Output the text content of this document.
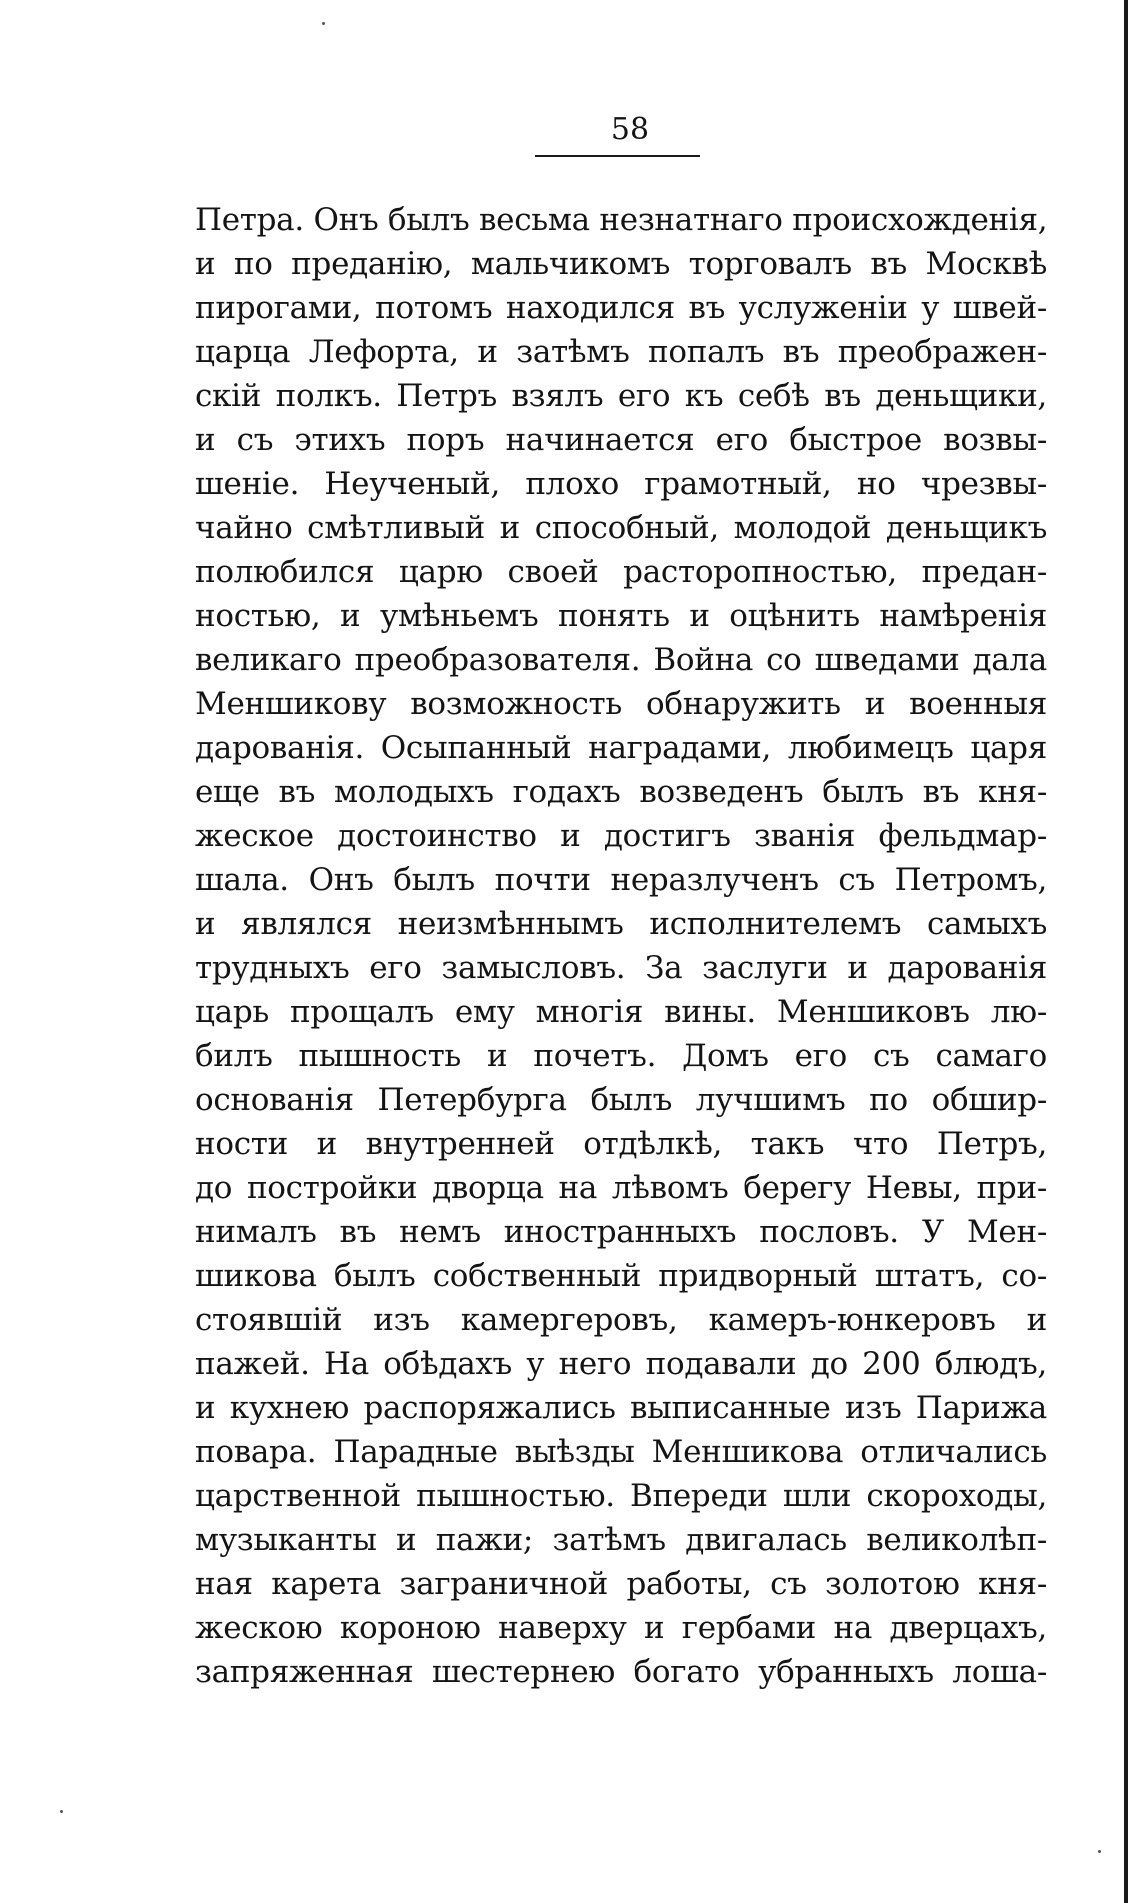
58
Петра. Онъ былъ весьма незнатнаго происхожденія,
и по преданію, мальчикомъ торговалъ въ Москвѣ
пирогами, потомъ находился въ услуженіи у швей-
царца Лефорта, и затѣмъ попалъ въ преображен-
скій полкъ. Петръ взялъ его къ себѣ въ деньщики,
и съ этихъ поръ начинается его быстрое возвы-
шеніе. Неученый, плохо грамотный, но чрезвы-
чайно смѣтливый и способный, молодой деньщикъ
полюбился царю своей расторопностью, предан-
ностью, и умѣньемъ понять и оцѣнить намѣренія
великаго преобразователя. Война со шведами дала
Меншикову возможность обнаружить и военныя
дарованія. Осыпанный наградами, любимецъ царя
еще въ молодыхъ годахъ возведенъ былъ въ кня-
жеское достоинство и достигъ званія фельдмар-
шала. Онъ былъ почти неразлученъ съ Петромъ,
и являлся неизмѣннымъ исполнителемъ самыхъ
трудныхъ его замысловъ. За заслуги и дарованія
царь прощалъ ему многія вины. Меншиковъ лю-
билъ пышность и почетъ. Домъ его съ самаго
основанія Петербурга былъ лучшимъ по обшир-
ности и внутренней отдѣлкѣ, такъ что Петръ,
до постройки дворца на лѣвомъ берегу Невы, при-
нималъ въ немъ иностранныхъ пословъ. У Мен-
шикова былъ собственный придворный штатъ, со-
стоявшій изъ камергеровъ, камеръ-юнкеровъ и
пажей. На обѣдахъ у него подавали до 200 блюдъ,
и кухнею распоряжались выписанные изъ Парижа
повара. Парадные выѣзды Меншикова отличались
царственной пышностью. Впереди шли скороходы,
музыканты и пажи; затѣмъ двигалась великолѣп-
ная карета заграничной работы, съ золотою кня-
жескою короною наверху и гербами на дверцахъ,
запряженная шестернею богато убранныхъ лоша-
